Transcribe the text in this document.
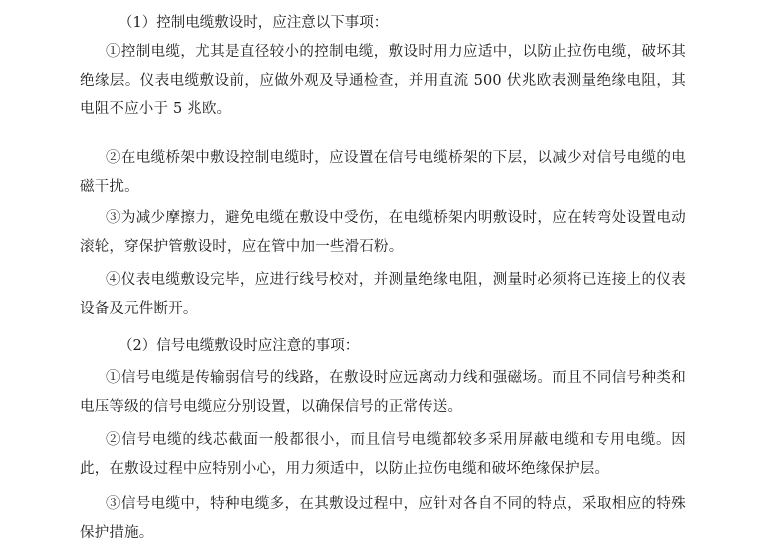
（1）控制电缆敷设时，应注意以下事项：
①控制电缆，尤其是直径较小的控制电缆，敷设时用力应适中，以防止拉伤电缆，破坏其绝缘层。仪表电缆敷设前，应做外观及导通检查，并用直流 500 伏兆欧表测量绝缘电阻，其电阻不应小于 5 兆欧。
②在电缆桥架中敷设控制电缆时，应设置在信号电缆桥架的下层，以减少对信号电缆的电磁干扰。
③为减少摩擦力，避免电缆在敷设中受伤，在电缆桥架内明敷设时，应在转弯处设置电动滚轮，穿保护管敷设时，应在管中加一些滑石粉。
④仪表电缆敷设完毕，应进行线号校对，并测量绝缘电阻，测量时必须将已连接上的仪表设备及元件断开。
（2）信号电缆敷设时应注意的事项：
①信号电缆是传输弱信号的线路，在敷设时应远离动力线和强磁场。而且不同信号种类和电压等级的信号电缆应分别设置，以确保信号的正常传送。
②信号电缆的线芯截面一般都很小，而且信号电缆都较多采用屏蔽电缆和专用电缆。因此，在敷设过程中应特别小心，用力须适中，以防止拉伤电缆和破坏绝缘保护层。
③信号电缆中，特种电缆多，在其敷设过程中，应针对各自不同的特点，采取相应的特殊保护措施。
